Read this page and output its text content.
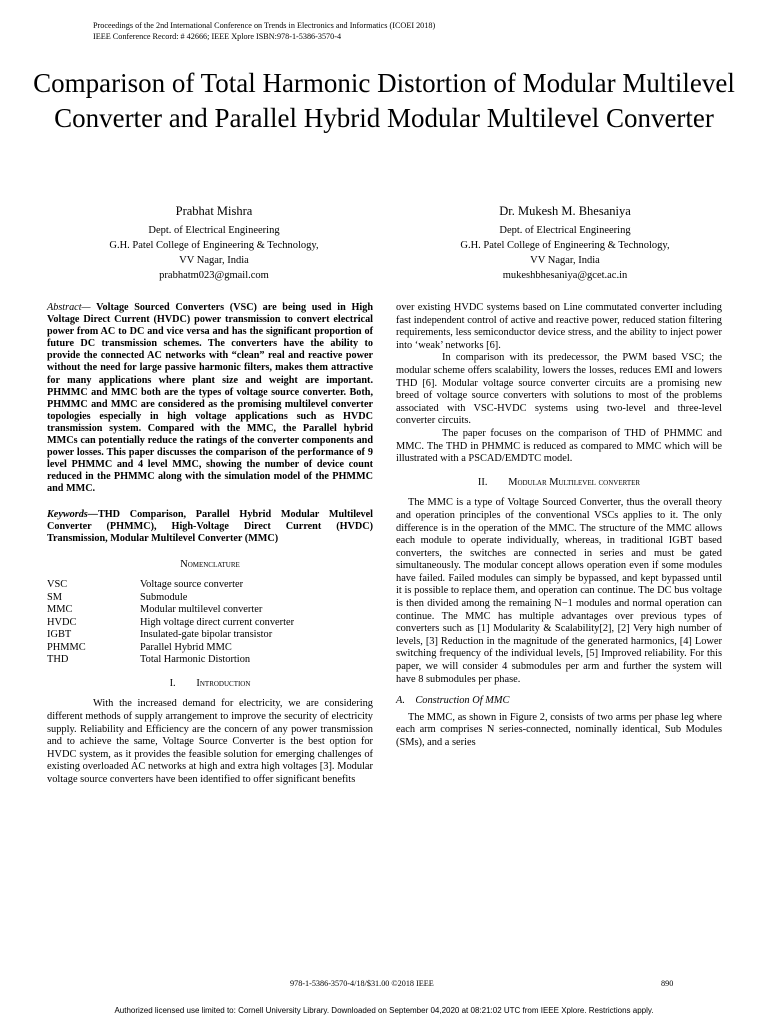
Proceedings of the 2nd International Conference on Trends in Electronics and Informatics (ICOEI 2018)
IEEE Conference Record: # 42666; IEEE Xplore ISBN:978-1-5386-3570-4
Comparison of Total Harmonic Distortion of Modular Multilevel Converter and Parallel Hybrid Modular Multilevel Converter
Prabhat Mishra
Dept. of Electrical Engineering
G.H. Patel College of Engineering & Technology,
VV Nagar, India
prabhatm023@gmail.com
Dr. Mukesh M. Bhesaniya
Dept. of Electrical Engineering
G.H. Patel College of Engineering & Technology,
VV Nagar, India
mukeshbhesaniya@gcet.ac.in

Abstract— Voltage Sourced Converters (VSC) are being used in High Voltage Direct Current (HVDC) power transmission to convert electrical power from AC to DC and vice versa and has the significant proportion of future DC transmission schemes. The converters have the ability to provide the connected AC networks with “clean” real and reactive power without the need for large passive harmonic filters, makes them attractive for many applications where plant size and weight are important. PHMMC and MMC both are the types of voltage source converter. Both, PHMMC and MMC are considered as the promising multilevel converter topologies especially in high voltage applications such as HVDC transmission system. Compared with the MMC, the Parallel hybrid MMCs can potentially reduce the ratings of the converter components and power losses. This paper discusses the comparison of the performance of 9 level PHMMC and 4 level MMC, showing the number of device count reduced in the PHMMC along with the simulation model of the PHMMC and MMC.

Keywords—THD Comparison, Parallel Hybrid Modular Multilevel Converter (PHMMC), High-Voltage Direct Current (HVDC) Transmission, Modular Multilevel Converter (MMC)

Nomenclature
VSC	Voltage source converter
SM	Submodule
MMC	Modular multilevel converter
HVDC	High voltage direct current converter
IGBT	Insulated-gate bipolar transistor
PHMMC	Parallel Hybrid MMC
THD	Total Harmonic Distortion
I.  Introduction

With the increased demand for electricity, we are considering different methods of supply arrangement to improve the security of electricity supply. Reliability and Efficiency are the concern of any power transmission and to achieve the same, Voltage Source Converter is the best option for HVDC system, as it provides the feasible solution for emerging challenges of existing overloaded AC networks at high and extra high voltages [3]. Modular voltage source converters have been identified to offer significant benefits

over existing HVDC systems based on Line commutated converter including fast independent control of active and reactive power, reduced station filtering requirements, less semiconductor device stress, and the ability to inject power into ‘weak’ networks [6].

In comparison with its predecessor, the PWM based VSC; the modular scheme offers scalability, lowers the losses, reduces EMI and lowers THD [6]. Modular voltage source converter circuits are a promising new breed of voltage source converters with solutions to most of the problems associated with VSC-HVDC systems using two-level and three-level converter circuits.

The paper focuses on the comparison of THD of PHMMC and MMC. The THD in PHMMC is reduced as compared to MMC which will be illustrated with a PSCAD/EMDTC model.

II.  Modular Multilevel converter

The MMC is a type of Voltage Sourced Converter, thus the overall theory and operation principles of the conventional VSCs applies to it. The only difference is in the operation of the MMC. The structure of the MMC allows each module to operate individually, whereas, in traditional IGBT based converters, the switches are connected in series and must be gated simultaneously. The modular concept allows operation even if some modules have failed. Failed modules can simply be bypassed, and kept bypassed until it is possible to replace them, and operation can continue. The DC bus voltage is then divided among the remaining N−1 modules and normal operation can continue. The MMC has multiple advantages over previous types of converters such as [1] Modularity & Scalability[2], [2] Very high number of levels, [3] Reduction in the magnitude of the generated harmonics, [4] Lower switching frequency of the individual levels, [5] Improved reliability. For this paper, we will consider 4 submodules per arm and further the system will have 8 submodules per phase.

A. Construction Of MMC

The MMC, as shown in Figure 2, consists of two arms per phase leg where each arm comprises N series-connected, nominally identical, Sub Modules (SMs), and a series

978-1-5386-3570-4/18/$31.00 ©2018 IEEE	890
Authorized licensed use limited to: Cornell University Library. Downloaded on September 04,2020 at 08:21:02 UTC from IEEE Xplore. Restrictions apply.
